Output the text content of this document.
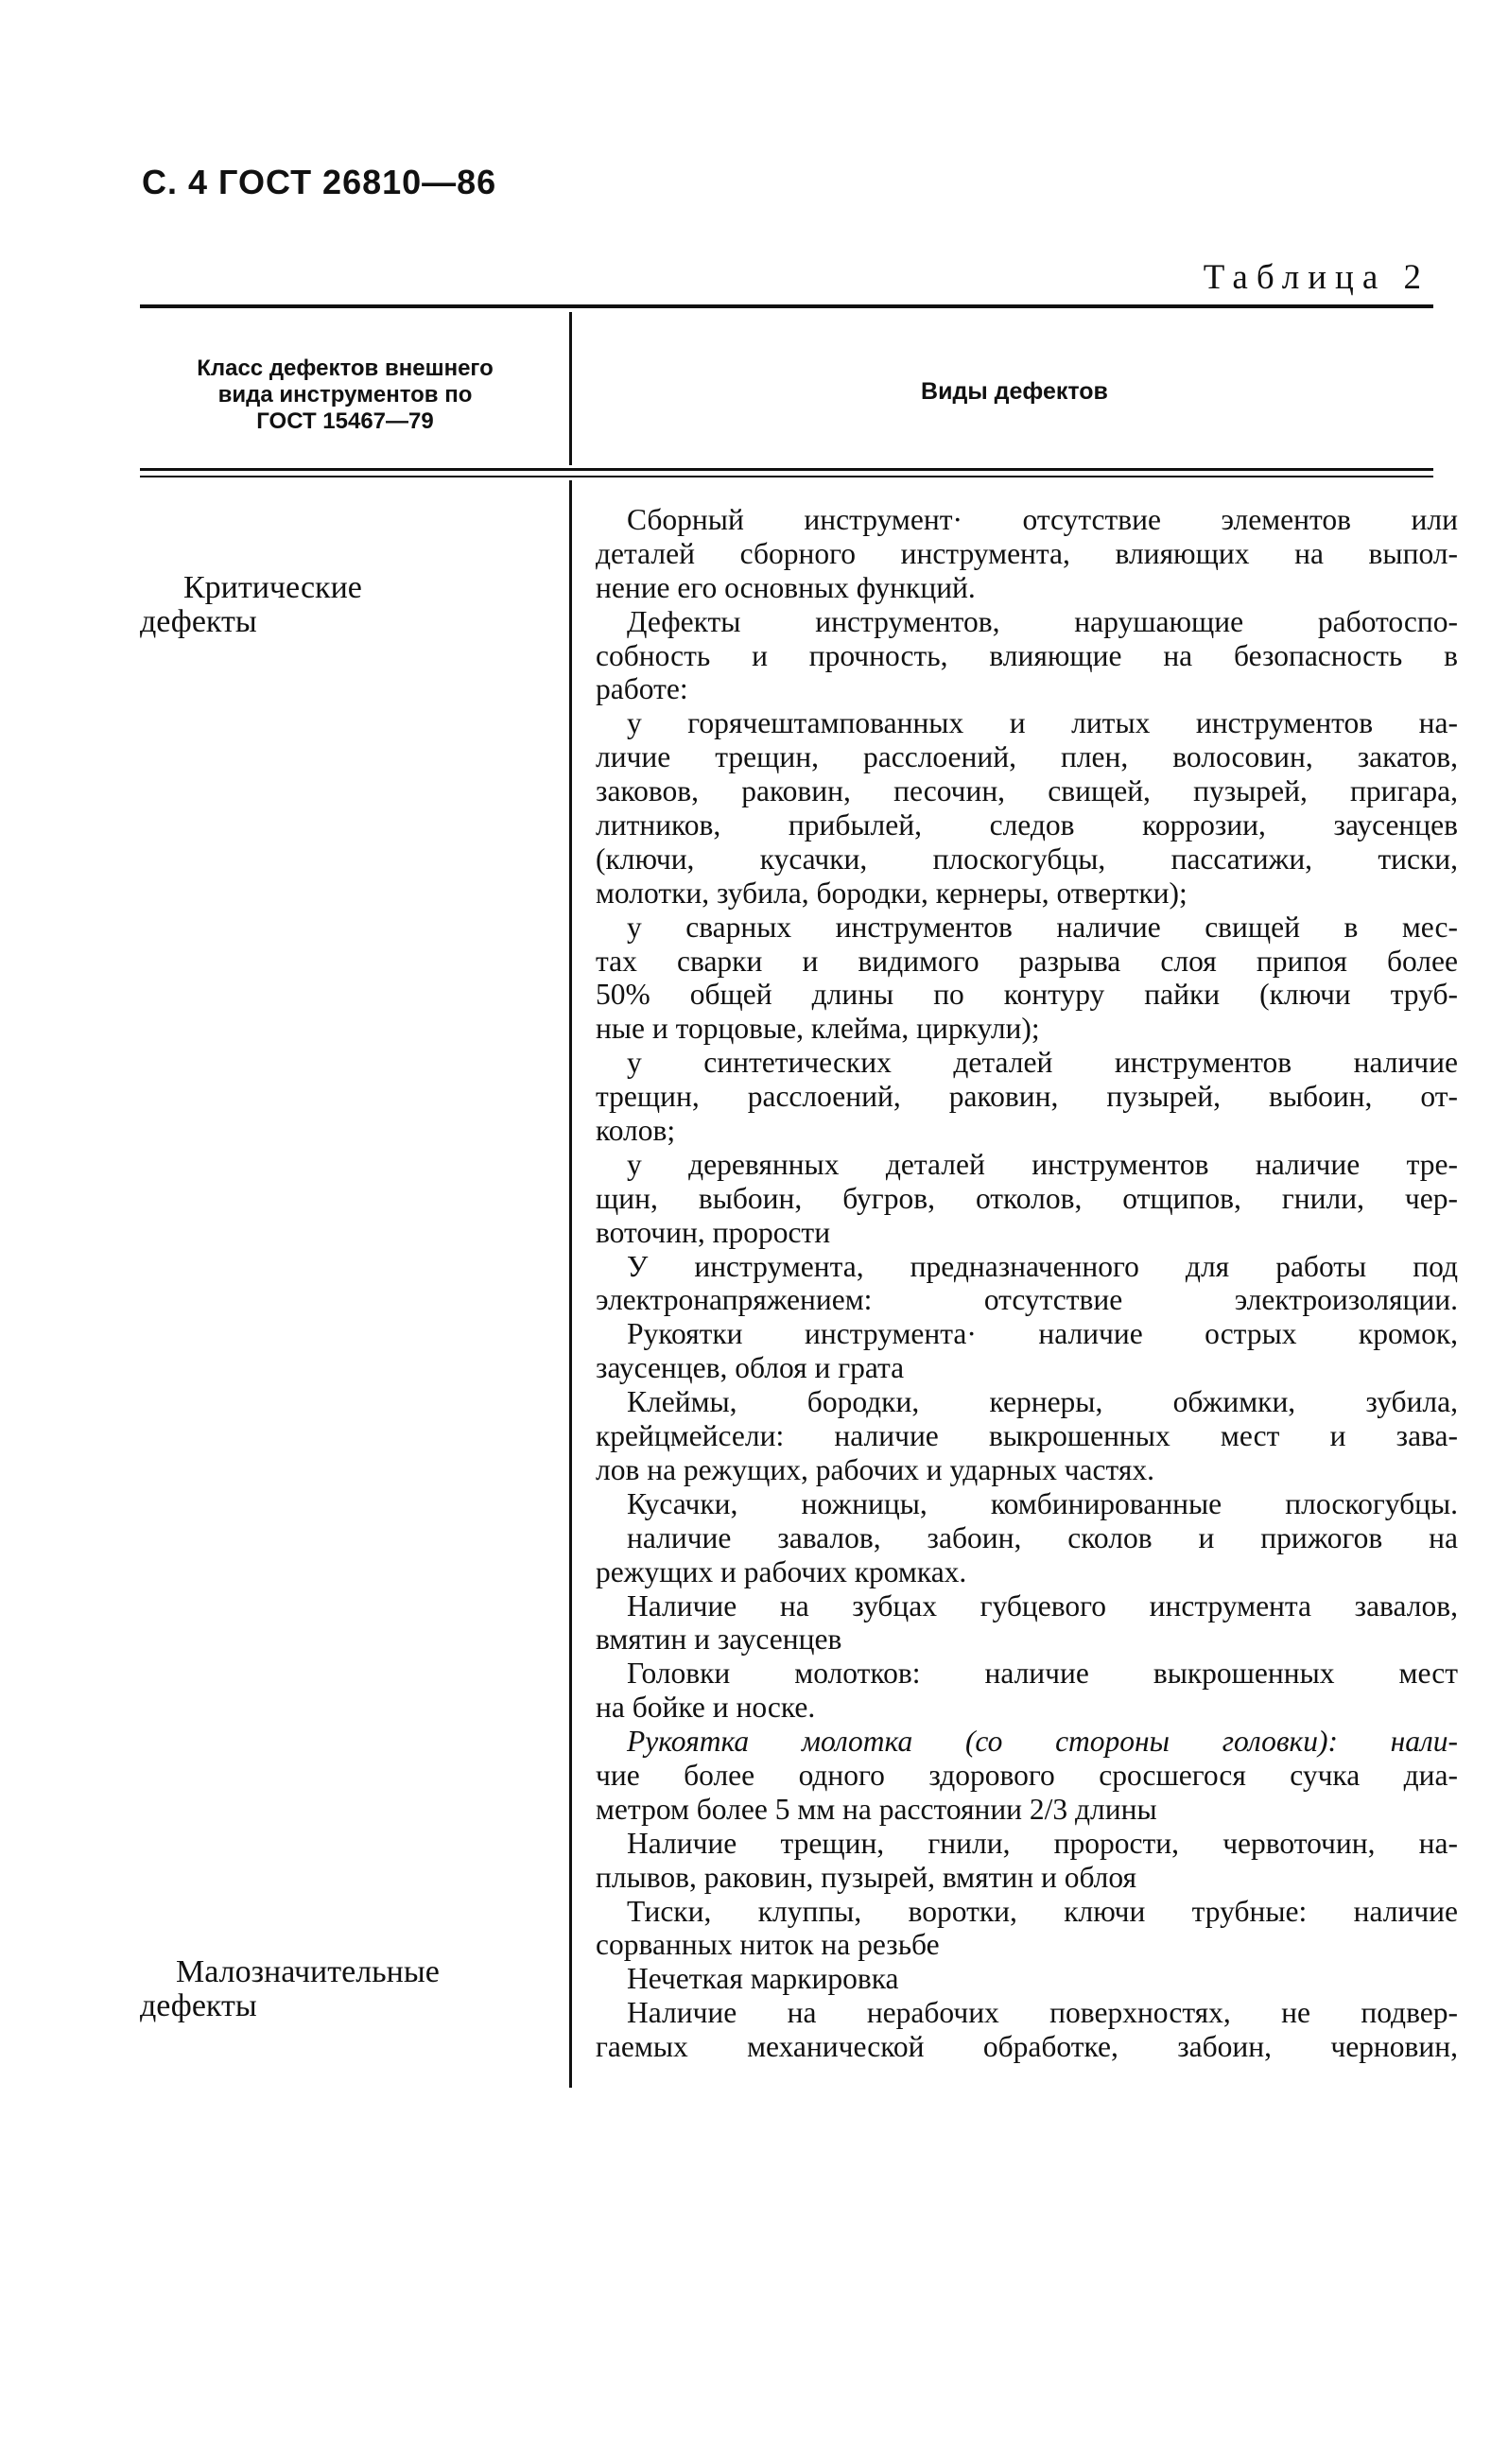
С. 4 ГОСТ 26810—86
Таблица 2
Класс дефектов внешнего
вида инструментов по
ГОСТ 15467—79
Виды дефектов
Критические
дефекты
Малозначительные
дефекты
Сборный инструмент· отсутствие элементов или
деталей сборного инструмента, влияющих на выпол-
нение его основных функций.
Дефекты инструментов, нарушающие работоспо-
собность и прочность, влияющие на безопасность в
работе:
у горячештампованных и литых инструментов на-
личие трещин, расслоений, плен, волосовин, закатов,
заковов, раковин, песочин, свищей, пузырей, пригара,
литников, прибылей, следов коррозии, заусенцев
(ключи, кусачки, плоскогубцы, пассатижи, тиски,
молотки, зубила, бородки, кернеры, отвертки);
у сварных инструментов наличие свищей в мес-
тах сварки и видимого разрыва слоя припоя более
50% общей длины по контуру пайки (ключи труб-
ные и торцовые, клейма, циркули);
у синтетических деталей инструментов наличие
трещин, расслоений, раковин, пузырей, выбоин, от-
колов;
у деревянных деталей инструментов наличие тре-
щин, выбоин, бугров, отколов, отщипов, гнили, чер-
воточин, пророcти
У инструмента, предназначенного для работы под
электронапряжением: отсутствие электроизоляции.
Рукоятки инструмента· наличие острых кромок,
заусенцев, облоя и грата
Клеймы, бородки, кернеры, обжимки, зубила,
крейцмейсели: наличие выкрошенных мест и зава-
лов на режущих, рабочих и ударных частях.
Кусачки, ножницы, комбинированные плоскогубцы.
наличие завалов, забоин, сколов и прижогов на
режущих и рабочих кромках.
Наличие на зубцах губцевого инструмента завалов,
вмятин и заусенцев
Головки молотков: наличие выкрошенных мест
на бойке и носке.
Рукоятка молотка (со стороны головки): нали-
чие более одного здорового сросшегося сучка диа-
метром более 5 мм на расстоянии 2/3 длины
Наличие трещин, гнили, пророcти, червоточин, на-
плывов, раковин, пузырей, вмятин и облоя
Тиски, клуппы, воротки, ключи трубные: наличие
сорванных ниток на резьбе
Нечеткая маркировка
Наличие на нерабочих поверхностях, не подвер-
гаемых механической обработке, забоин, черновин,
